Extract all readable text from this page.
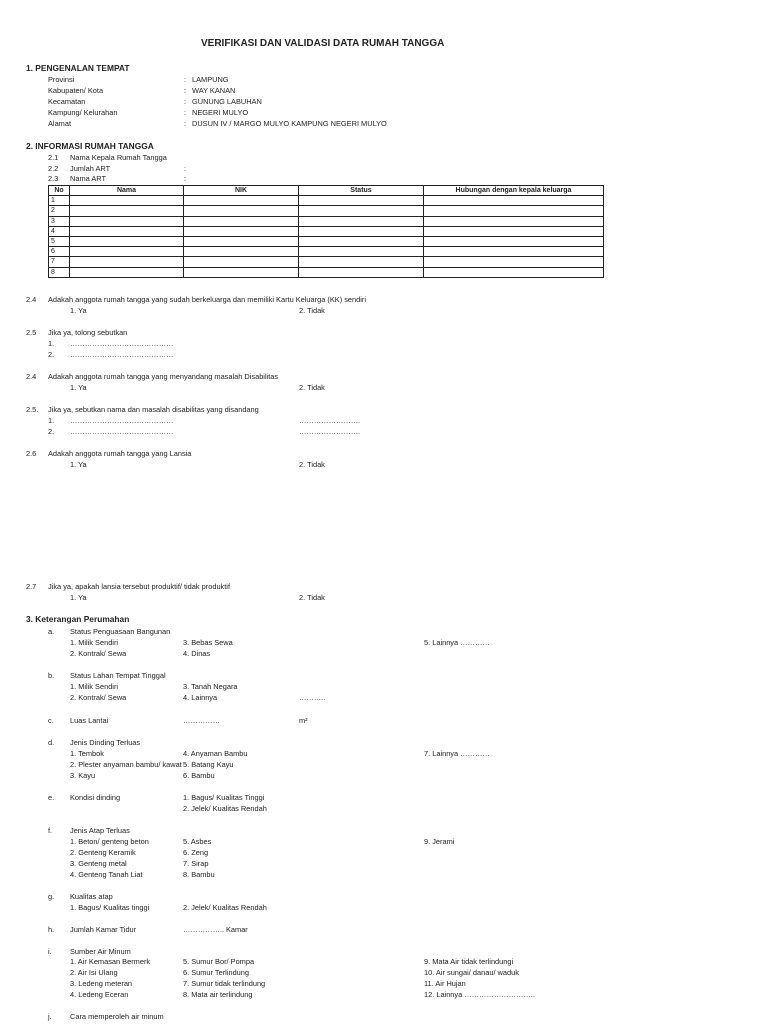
VERIFIKASI DAN VALIDASI DATA RUMAH TANGGA
1. PENGENALAN TEMPAT
Provinsi	: LAMPUNG
Kabupaten/ Kota	: WAY KANAN
Kecamatan	: GUNUNG LABUHAN
Kampung/ Kelurahan	: NEGERI MULYO
Alamat	: DUSUN IV / MARGO MULYO KAMPUNG NEGERI MULYO
2. INFORMASI RUMAH TANGGA
2.1 Nama Kepala Rumah Tangga
2.2 Jumlah ART	:
2.3 Nama ART	:
No	Nama	NIK	Status	Hubungan dengan kepala keluarga
1				
2				
3				
4				
5				
6				
7				
8				
2.4 Adakah anggota rumah tangga yang sudah berkeluarga dan memiliki Kartu Keluarga (KK) sendiri
1. Ya	2. Tidak
2.5 Jika ya, tolong sebutkan
1. ……………………………………
2. ……………………………………
2.4 Adakah anggota rumah tangga yang menyandang masalah Disabilitas
1. Ya	2. Tidak
2.5. Jika ya, sebutkan nama dan masalah disabilitas yang disandang
1. ……………………………………	…………………….
2. ……………………………………	…………………….
2.6 Adakah anggota rumah tangga yang Lansia
1. Ya	2. Tidak
2.7 Jika ya, apakah lansia tersebut produktif/ tidak produktif
1. Ya	2. Tidak
3. Keterangan Perumahan
a. Status Penguasaan Bangunan
1. Milik Sendiri	3. Bebas Sewa	5. Lainnya …………
2. Kontrak/ Sewa	4. Dinas
b. Status Lahan Tempat Tinggal
1. Milik Sendiri	3. Tanah Negara
2. Kontrak/ Sewa	4. Lainnya	………..
c. Luas Lantai	……………	m²
d. Jenis Dinding Terluas
1. Tembok	4. Anyaman Bambu	7. Lainnya …………
2. Plester anyaman bambu/ kawat 5. Batang Kayu
3. Kayu	6. Bambu
e. Kondisi dinding	1. Bagus/ Kualitas Tinggi
2. Jelek/ Kualitas Rendah
f. Jenis Atap Terluas
1. Beton/ genteng beton	5. Asbes	9. Jerami
2. Genteng Keramik	6. Zeng
3. Genteng metal	7. Sirap
4. Genteng Tanah Liat	8. Bambu
g. Kualitas atap
1. Bagus/ Kualitas tinggi	2. Jelek/ Kualitas Rendah
h. Jumlah Kamar Tidur	…………….. Kamar
i. Sumber Air Minum
1. Air Kemasan Bermerk	5. Sumur Bor/ Pompa	9. Mata Air tidak terlindungi
2. Air Isi Ulang	6. Sumur Terlindung	10. Air sungai/ danau/ waduk
3. Ledeng meteran	7. Sumur tidak terlindung	11. Air Hujan
4. Ledeng Eceran	8. Mata air terlindung	12. Lainnya ………………………..
j. Cara memperoleh air minum
